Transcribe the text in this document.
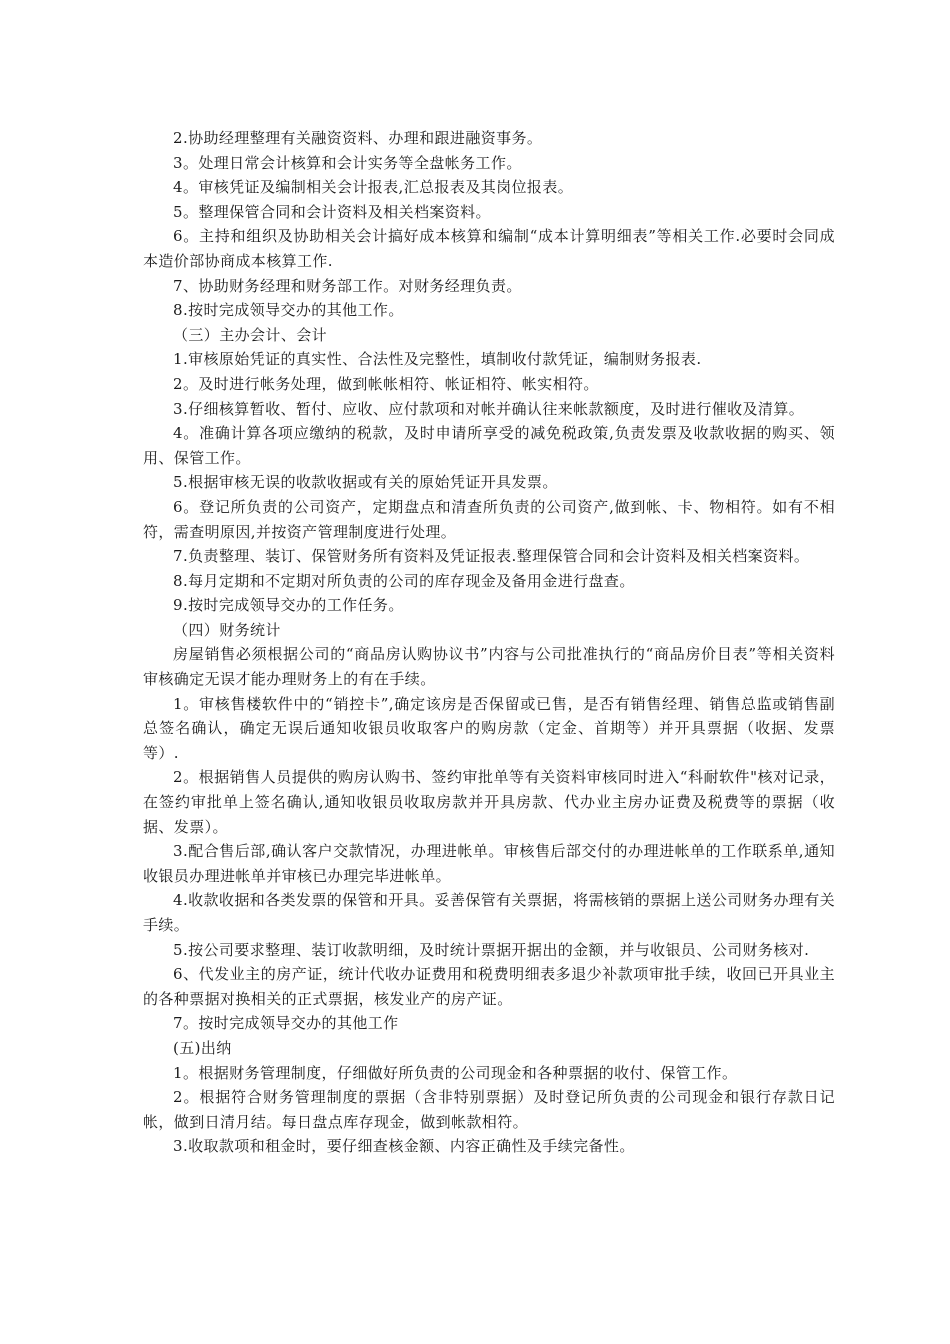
2.协助经理整理有关融资资料、办理和跟进融资事务。

3。处理日常会计核算和会计实务等全盘帐务工作。

4。审核凭证及编制相关会计报表,汇总报表及其岗位报表。

5。整理保管合同和会计资料及相关档案资料。

6。主持和组织及协助相关会计搞好成本核算和编制“成本计算明细表”等相关工作.必要时会同成本造价部协商成本核算工作.

7、协助财务经理和财务部工作。对财务经理负责。

8.按时完成领导交办的其他工作。

（三）主办会计、会计

1.审核原始凭证的真实性、合法性及完整性，填制收付款凭证，编制财务报表.

2。及时进行帐务处理，做到帐帐相符、帐证相符、帐实相符。

3.仔细核算暂收、暂付、应收、应付款项和对帐并确认往来帐款额度，及时进行催收及清算。

4。准确计算各项应缴纳的税款，及时申请所享受的减免税政策,负责发票及收款收据的购买、领用、保管工作。

5.根据审核无误的收款收据或有关的原始凭证开具发票。

6。登记所负责的公司资产，定期盘点和清查所负责的公司资产,做到帐、卡、物相符。如有不相符，需查明原因,并按资产管理制度进行处理。

7.负责整理、装订、保管财务所有资料及凭证报表.整理保管合同和会计资料及相关档案资料。

8.每月定期和不定期对所负责的公司的库存现金及备用金进行盘查。

9.按时完成领导交办的工作任务。

（四）财务统计

房屋销售必须根据公司的“商品房认购协议书”内容与公司批准执行的“商品房价目表”等相关资料审核确定无误才能办理财务上的有在手续。

1。审核售楼软件中的“销控卡”,确定该房是否保留或已售，是否有销售经理、销售总监或销售副总签名确认，确定无误后通知收银员收取客户的购房款（定金、首期等）并开具票据（收据、发票等）.

2。根据销售人员提供的购房认购书、签约审批单等有关资料审核同时进入“科耐软件"核对记录，在签约审批单上签名确认,通知收银员收取房款并开具房款、代办业主房办证费及税费等的票据（收据、发票）。

3.配合售后部,确认客户交款情况，办理进帐单。审核售后部交付的办理进帐单的工作联系单,通知收银员办理进帐单并审核已办理完毕进帐单。

4.收款收据和各类发票的保管和开具。妥善保管有关票据，将需核销的票据上送公司财务办理有关手续。

5.按公司要求整理、装订收款明细，及时统计票据开据出的金额，并与收银员、公司财务核对.

6、代发业主的房产证，统计代收办证费用和税费明细表多退少补款项审批手续，收回已开具业主的各种票据对换相关的正式票据，核发业产的房产证。

7。按时完成领导交办的其他工作

(五)出纳

1。根据财务管理制度，仔细做好所负责的公司现金和各种票据的收付、保管工作。

2。根据符合财务管理制度的票据（含非特别票据）及时登记所负责的公司现金和银行存款日记帐，做到日清月结。每日盘点库存现金，做到帐款相符。

3.收取款项和租金时，要仔细查核金额、内容正确性及手续完备性。
